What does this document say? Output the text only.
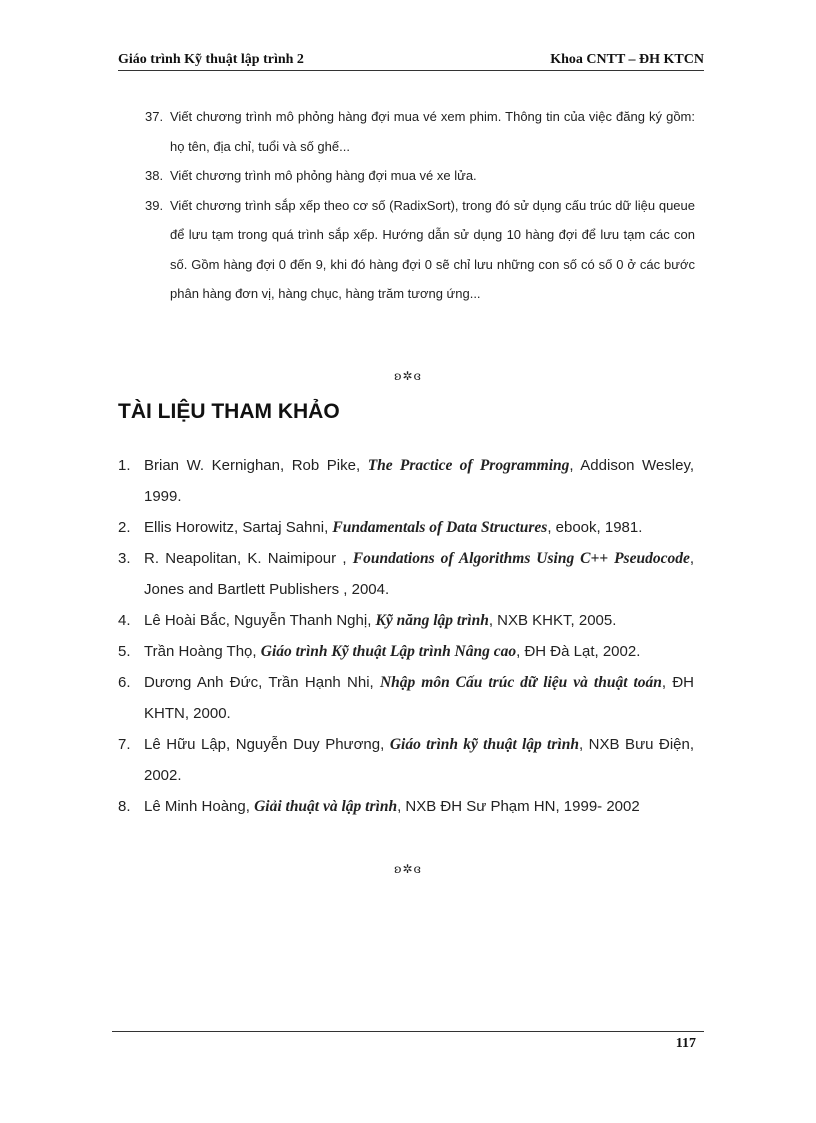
Giáo trình Kỹ thuật lập trình 2	Khoa CNTT – ĐH KTCN
37. Viết chương trình mô phỏng hàng đợi mua vé xem phim. Thông tin của việc đăng ký gồm: họ tên, địa chỉ, tuổi và số ghế...
38. Viết chương trình mô phỏng hàng đợi mua vé xe lửa.
39. Viết chương trình sắp xếp theo cơ số (RadixSort), trong đó sử dụng cấu trúc dữ liệu queue để lưu tạm trong quá trình sắp xếp. Hướng dẫn sử dụng 10 hàng đợi để lưu tạm các con số. Gồm hàng đợi 0 đến 9, khi đó hàng đợi 0 sẽ chỉ lưu những con số có số 0 ở các bước phân hàng đơn vị, hàng chục, hàng trăm tương ứng...
ʚ✲ɞ
TÀI LIỆU THAM KHẢO
1. Brian W. Kernighan, Rob Pike, The Practice of Programming, Addison Wesley, 1999.
2. Ellis Horowitz, Sartaj Sahni, Fundamentals of Data Structures, ebook, 1981.
3. R. Neapolitan, K. Naimipour , Foundations of Algorithms Using C++ Pseudocode, Jones and Bartlett Publishers , 2004.
4. Lê Hoài Bắc, Nguyễn Thanh Nghị, Kỹ năng lập trình, NXB KHKT, 2005.
5. Trần Hoàng Thọ, Giáo trình Kỹ thuật Lập trình Nâng cao, ĐH Đà Lạt, 2002.
6. Dương Anh Đức, Trần Hạnh Nhi, Nhập môn Cấu trúc dữ liệu và thuật toán, ĐH KHTN, 2000.
7. Lê Hữu Lập, Nguyễn Duy Phương, Giáo trình kỹ thuật lập trình, NXB Bưu Điện, 2002.
8. Lê Minh Hoàng, Giải thuật và lập trình, NXB ĐH Sư Phạm HN, 1999- 2002
ʚ✲ɞ
117
